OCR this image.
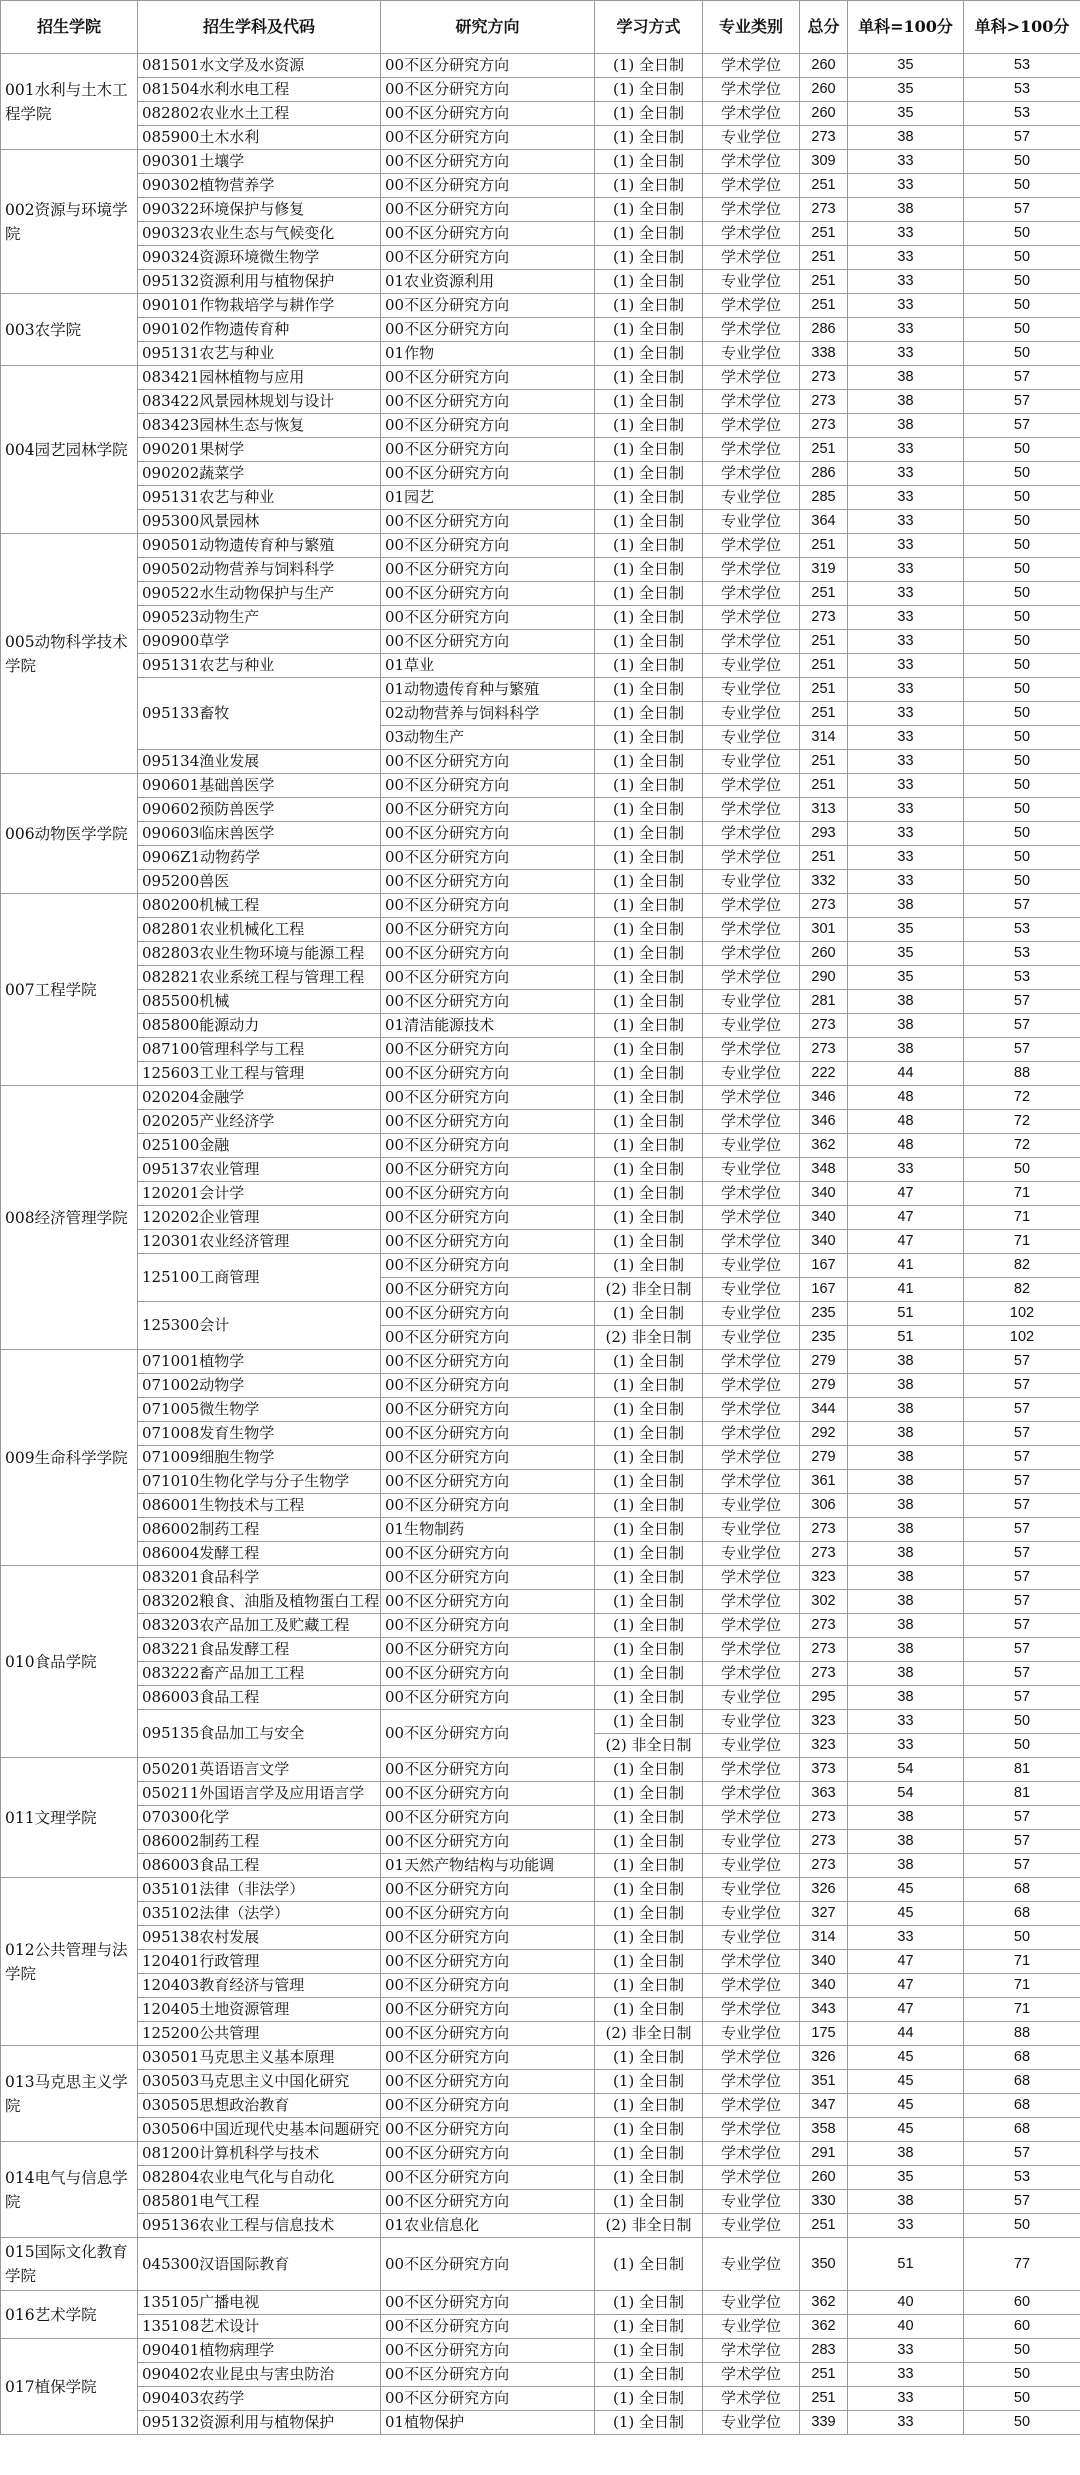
招生学院	招生学科及代码	研究方向	学习方式	专业类别	总分	单科=100分	单科>100分
001水利与土木工程学院	081501水文学及水资源	00不区分研究方向	(1) 全日制	学术学位	260	35	53
	081504水利水电工程	00不区分研究方向	(1) 全日制	学术学位	260	35	53
	082802农业水土工程	00不区分研究方向	(1) 全日制	学术学位	260	35	53
	085900土木水利	00不区分研究方向	(1) 全日制	专业学位	273	38	57
002资源与环境学院	090301土壤学	00不区分研究方向	(1) 全日制	学术学位	309	33	50
	090302植物营养学	00不区分研究方向	(1) 全日制	学术学位	251	33	50
	090322环境保护与修复	00不区分研究方向	(1) 全日制	学术学位	273	38	57
	090323农业生态与气候变化	00不区分研究方向	(1) 全日制	学术学位	251	33	50
	090324资源环境微生物学	00不区分研究方向	(1) 全日制	学术学位	251	33	50
	095132资源利用与植物保护	01农业资源利用	(1) 全日制	专业学位	251	33	50
003农学院	090101作物栽培学与耕作学	00不区分研究方向	(1) 全日制	学术学位	251	33	50
	090102作物遗传育种	00不区分研究方向	(1) 全日制	学术学位	286	33	50
	095131农艺与种业	01作物	(1) 全日制	专业学位	338	33	50
004园艺园林学院	083421园林植物与应用	00不区分研究方向	(1) 全日制	学术学位	273	38	57
	083422风景园林规划与设计	00不区分研究方向	(1) 全日制	学术学位	273	38	57
	083423园林生态与恢复	00不区分研究方向	(1) 全日制	学术学位	273	38	57
	090201果树学	00不区分研究方向	(1) 全日制	学术学位	251	33	50
	090202蔬菜学	00不区分研究方向	(1) 全日制	学术学位	286	33	50
	095131农艺与种业	01园艺	(1) 全日制	专业学位	285	33	50
	095300风景园林	00不区分研究方向	(1) 全日制	专业学位	364	33	50
005动物科学技术学院	090501动物遗传育种与繁殖	00不区分研究方向	(1) 全日制	学术学位	251	33	50
	090502动物营养与饲料科学	00不区分研究方向	(1) 全日制	学术学位	319	33	50
	090522水生动物保护与生产	00不区分研究方向	(1) 全日制	学术学位	251	33	50
	090523动物生产	00不区分研究方向	(1) 全日制	学术学位	273	33	50
	090900草学	00不区分研究方向	(1) 全日制	学术学位	251	33	50
	095131农艺与种业	01草业	(1) 全日制	专业学位	251	33	50
	095133畜牧	01动物遗传育种与繁殖	(1) 全日制	专业学位	251	33	50
		02动物营养与饲料科学	(1) 全日制	专业学位	251	33	50
		03动物生产	(1) 全日制	专业学位	314	33	50
	095134渔业发展	00不区分研究方向	(1) 全日制	专业学位	251	33	50
006动物医学学院	090601基础兽医学	00不区分研究方向	(1) 全日制	学术学位	251	33	50
	090602预防兽医学	00不区分研究方向	(1) 全日制	学术学位	313	33	50
	090603临床兽医学	00不区分研究方向	(1) 全日制	学术学位	293	33	50
	0906Z1动物药学	00不区分研究方向	(1) 全日制	学术学位	251	33	50
	095200兽医	00不区分研究方向	(1) 全日制	专业学位	332	33	50
007工程学院	080200机械工程	00不区分研究方向	(1) 全日制	学术学位	273	38	57
	082801农业机械化工程	00不区分研究方向	(1) 全日制	学术学位	301	35	53
	082803农业生物环境与能源工程	00不区分研究方向	(1) 全日制	学术学位	260	35	53
	082821农业系统工程与管理工程	00不区分研究方向	(1) 全日制	学术学位	290	35	53
	085500机械	00不区分研究方向	(1) 全日制	专业学位	281	38	57
	085800能源动力	01清洁能源技术	(1) 全日制	专业学位	273	38	57
	087100管理科学与工程	00不区分研究方向	(1) 全日制	学术学位	273	38	57
	125603工业工程与管理	00不区分研究方向	(1) 全日制	专业学位	222	44	88
008经济管理学院	020204金融学	00不区分研究方向	(1) 全日制	学术学位	346	48	72
	020205产业经济学	00不区分研究方向	(1) 全日制	学术学位	346	48	72
	025100金融	00不区分研究方向	(1) 全日制	专业学位	362	48	72
	095137农业管理	00不区分研究方向	(1) 全日制	专业学位	348	33	50
	120201会计学	00不区分研究方向	(1) 全日制	学术学位	340	47	71
	120202企业管理	00不区分研究方向	(1) 全日制	学术学位	340	47	71
	120301农业经济管理	00不区分研究方向	(1) 全日制	学术学位	340	47	71
	125100工商管理	00不区分研究方向	(1) 全日制	专业学位	167	41	82
		00不区分研究方向	(2) 非全日制	专业学位	167	41	82
	125300会计	00不区分研究方向	(1) 全日制	专业学位	235	51	102
		00不区分研究方向	(2) 非全日制	专业学位	235	51	102
009生命科学学院	071001植物学	00不区分研究方向	(1) 全日制	学术学位	279	38	57
	071002动物学	00不区分研究方向	(1) 全日制	学术学位	279	38	57
	071005微生物学	00不区分研究方向	(1) 全日制	学术学位	344	38	57
	071008发育生物学	00不区分研究方向	(1) 全日制	学术学位	292	38	57
	071009细胞生物学	00不区分研究方向	(1) 全日制	学术学位	279	38	57
	071010生物化学与分子生物学	00不区分研究方向	(1) 全日制	学术学位	361	38	57
	086001生物技术与工程	00不区分研究方向	(1) 全日制	专业学位	306	38	57
	086002制药工程	01生物制药	(1) 全日制	专业学位	273	38	57
	086004发酵工程	00不区分研究方向	(1) 全日制	专业学位	273	38	57
010食品学院	083201食品科学	00不区分研究方向	(1) 全日制	学术学位	323	38	57
	083202粮食、油脂及植物蛋白工程	00不区分研究方向	(1) 全日制	学术学位	302	38	57
	083203农产品加工及贮藏工程	00不区分研究方向	(1) 全日制	学术学位	273	38	57
	083221食品发酵工程	00不区分研究方向	(1) 全日制	学术学位	273	38	57
	083222畜产品加工工程	00不区分研究方向	(1) 全日制	学术学位	273	38	57
	086003食品工程	00不区分研究方向	(1) 全日制	专业学位	295	38	57
	095135食品加工与安全	00不区分研究方向	(1) 全日制	专业学位	323	33	50
			(2) 非全日制	专业学位	323	33	50
011文理学院	050201英语语言文学	00不区分研究方向	(1) 全日制	学术学位	373	54	81
	050211外国语言学及应用语言学	00不区分研究方向	(1) 全日制	学术学位	363	54	81
	070300化学	00不区分研究方向	(1) 全日制	学术学位	273	38	57
	086002制药工程	00不区分研究方向	(1) 全日制	专业学位	273	38	57
	086003食品工程	01天然产物结构与功能调	(1) 全日制	专业学位	273	38	57
012公共管理与法学院	035101法律（非法学）	00不区分研究方向	(1) 全日制	专业学位	326	45	68
	035102法律（法学）	00不区分研究方向	(1) 全日制	专业学位	327	45	68
	095138农村发展	00不区分研究方向	(1) 全日制	专业学位	314	33	50
	120401行政管理	00不区分研究方向	(1) 全日制	学术学位	340	47	71
	120403教育经济与管理	00不区分研究方向	(1) 全日制	学术学位	340	47	71
	120405土地资源管理	00不区分研究方向	(1) 全日制	学术学位	343	47	71
	125200公共管理	00不区分研究方向	(2) 非全日制	专业学位	175	44	88
013马克思主义学院	030501马克思主义基本原理	00不区分研究方向	(1) 全日制	学术学位	326	45	68
	030503马克思主义中国化研究	00不区分研究方向	(1) 全日制	学术学位	351	45	68
	030505思想政治教育	00不区分研究方向	(1) 全日制	学术学位	347	45	68
	030506中国近现代史基本问题研究	00不区分研究方向	(1) 全日制	学术学位	358	45	68
014电气与信息学院	081200计算机科学与技术	00不区分研究方向	(1) 全日制	学术学位	291	38	57
	082804农业电气化与自动化	00不区分研究方向	(1) 全日制	学术学位	260	35	53
	085801电气工程	00不区分研究方向	(1) 全日制	专业学位	330	38	57
	095136农业工程与信息技术	01农业信息化	(2) 非全日制	专业学位	251	33	50
015国际文化教育学院	045300汉语国际教育	00不区分研究方向	(1) 全日制	专业学位	350	51	77
016艺术学院	135105广播电视	00不区分研究方向	(1) 全日制	专业学位	362	40	60
	135108艺术设计	00不区分研究方向	(1) 全日制	专业学位	362	40	60
017植保学院	090401植物病理学	00不区分研究方向	(1) 全日制	学术学位	283	33	50
	090402农业昆虫与害虫防治	00不区分研究方向	(1) 全日制	学术学位	251	33	50
	090403农药学	00不区分研究方向	(1) 全日制	学术学位	251	33	50
	095132资源利用与植物保护	01植物保护	(1) 全日制	专业学位	339	33	50
